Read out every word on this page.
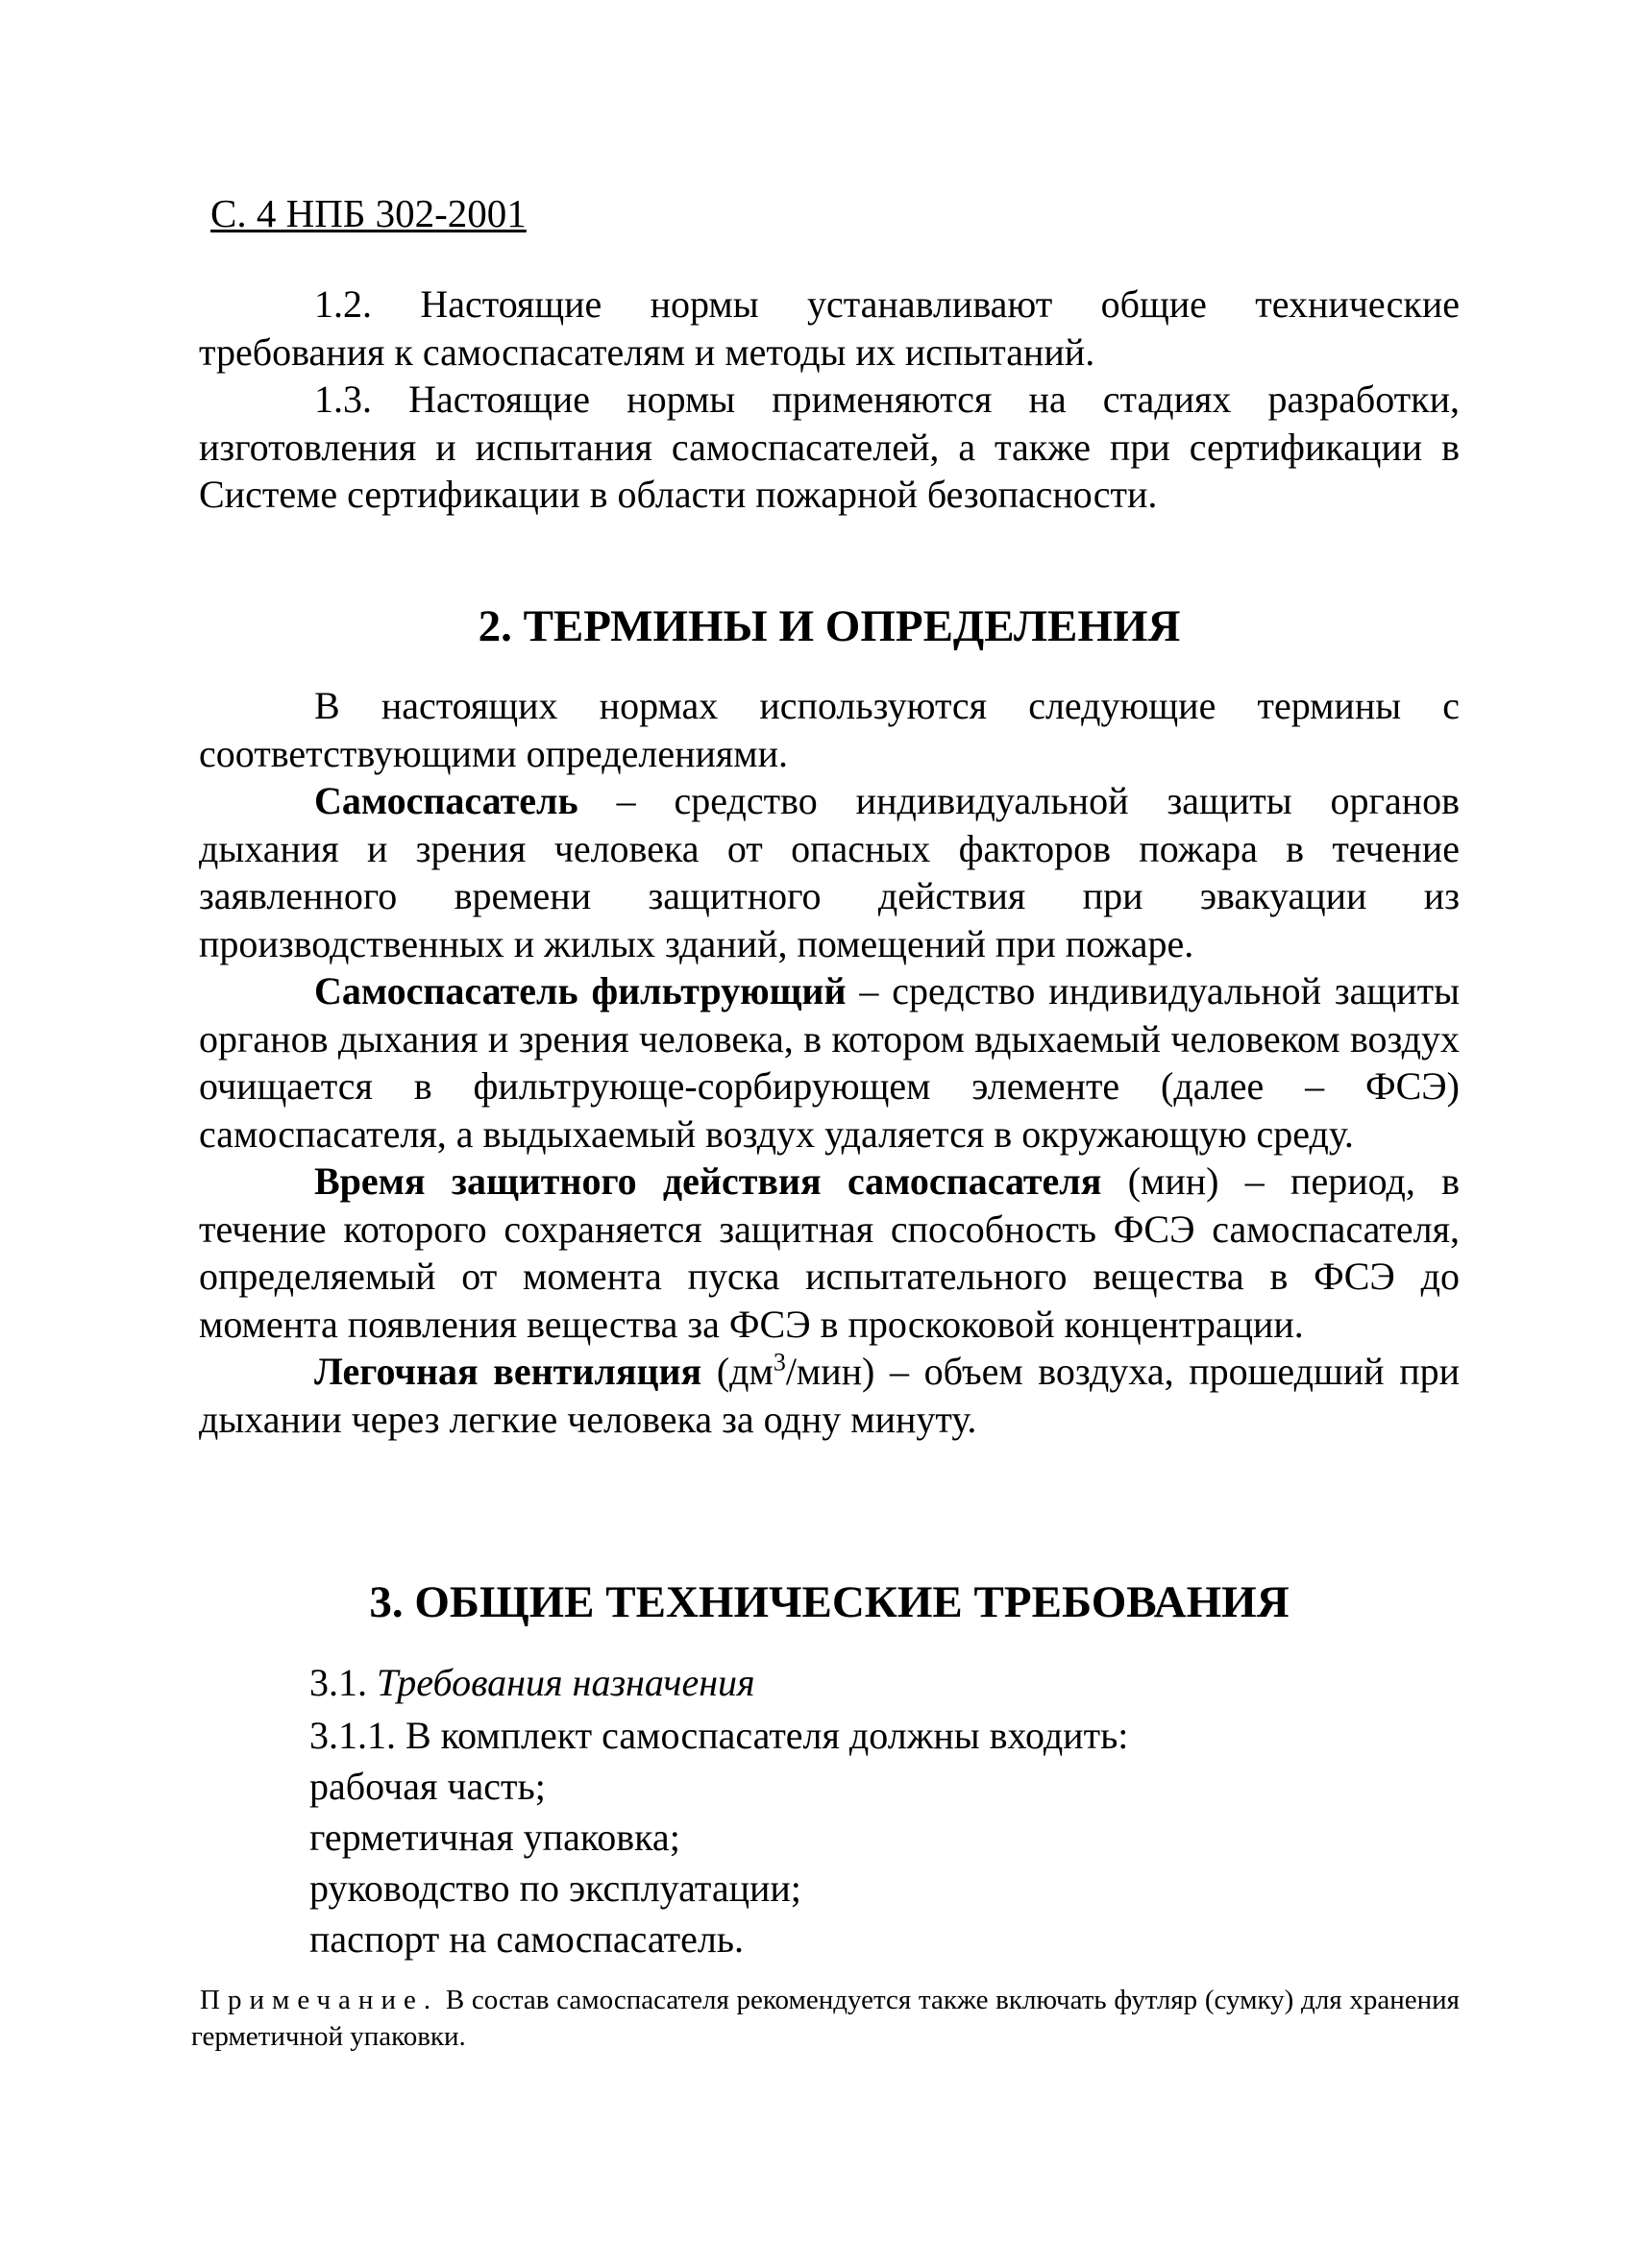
С. 4 НПБ 302-2001

1.2. Настоящие нормы устанавливают общие технические требования к самоспасателям и методы их испытаний.

1.3. Настоящие нормы применяются на стадиях разработки, изготовления и испытания самоспасателей, а также при сертификации в Системе сертификации в области пожарной безопасности.

2. ТЕРМИНЫ И ОПРЕДЕЛЕНИЯ

В настоящих нормах используются следующие термины с соответствующими определениями.

Самоспасатель – средство индивидуальной защиты органов дыхания и зрения человека от опасных факторов пожара в течение заявленного времени защитного действия при эвакуации из производственных и жилых зданий, помещений при пожаре.

Самоспасатель фильтрующий – средство индивидуальной защиты органов дыхания и зрения человека, в котором вдыхаемый человеком воздух очищается в фильтрующе-сорбирующем элементе (далее – ФСЭ) самоспасателя, а выдыхаемый воздух удаляется в окружающую среду.

Время защитного действия самоспасателя (мин) – период, в течение которого сохраняется защитная способность ФСЭ самоспасателя, определяемый от момента пуска испытательного вещества в ФСЭ до момента появления вещества за ФСЭ в проскоковой концентрации.

Легочная вентиляция $(дм^3/мин)$ – объем воздуха, прошедший при дыхании через легкие человека за одну минуту.

3. ОБЩИЕ ТЕХНИЧЕСКИЕ ТРЕБОВАНИЯ
3.1. Требования назначения
3.1.1. В комплект самоспасателя должны входить:
рабочая часть;
герметичная упаковка;
руководство по эксплуатации;
паспорт на самоспасатель.

Примечание. В состав самоспасателя рекомендуется также включать футляр (сумку) для хранения герметичной упаковки.
